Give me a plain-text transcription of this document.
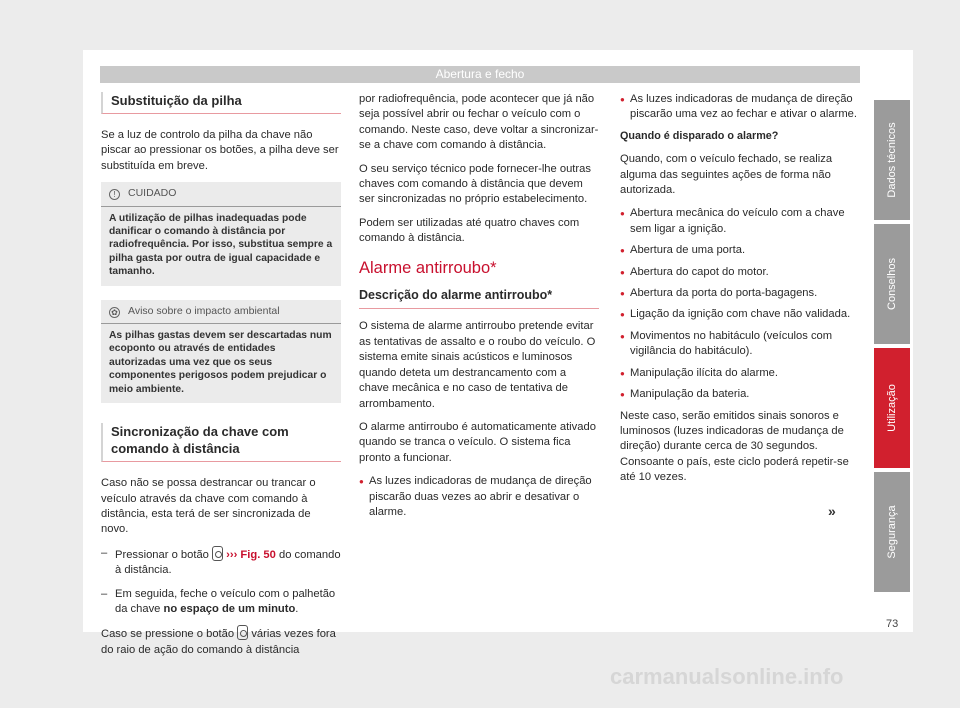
Abertura e fecho
Substituição da pilha

Se a luz de controlo da pilha da chave não piscar ao pressionar os botões, a pilha deve ser substituída em breve.

! CUIDADO
A utilização de pilhas inadequadas pode danificar o comando à distância por radiofrequência. Por isso, substitua sempre a pilha gasta por outra de igual capacidade e tamanho.
✿ Aviso sobre o impacto ambiental
As pilhas gastas devem ser descartadas num ecoponto ou através de entidades autorizadas uma vez que os seus componentes perigosos podem prejudicar o meio ambiente.
Sincronização da chave com comando à distância

Caso não se possa destrancar ou trancar o veículo através da chave com comando à distância, esta terá de ser sincronizada de novo.

– Pressionar o botão ››› Fig. 50 do comando à distância.

– Em seguida, feche o veículo com o palhetão da chave no espaço de um minuto.

Caso se pressione o botão várias vezes fora do raio de ação do comando à distância

por radiofrequência, pode acontecer que já não seja possível abrir ou fechar o veículo com o comando. Neste caso, deve voltar a sincronizar-se a chave com comando à distância.

O seu serviço técnico pode fornecer-lhe outras chaves com comando à distância que devem ser sincronizadas no próprio estabelecimento.

Podem ser utilizadas até quatro chaves com comando à distância.

Alarme antirroubo*
Descrição do alarme antirroubo*

O sistema de alarme antirroubo pretende evitar as tentativas de assalto e o roubo do veículo. O sistema emite sinais acústicos e luminosos quando deteta um destrancamento com a chave mecânica e no caso de tentativa de arrombamento.

O alarme antirroubo é automaticamente ativado quando se tranca o veículo. O sistema fica pronto a funcionar.

● As luzes indicadoras de mudança de direção piscarão duas vezes ao abrir e desativar o alarme.

● As luzes indicadoras de mudança de direção piscarão uma vez ao fechar e ativar o alarme.

Quando é disparado o alarme?

Quando, com o veículo fechado, se realiza alguma das seguintes ações de forma não autorizada.

● Abertura mecânica do veículo com a chave sem ligar a ignição.

● Abertura de uma porta.

● Abertura do capot do motor.

● Abertura da porta do porta-bagagens.

● Ligação da ignição com chave não validada.

● Movimentos no habitáculo (veículos com vigilância do habitáculo).

● Manipulação ilícita do alarme.

● Manipulação da bateria.

Neste caso, serão emitidos sinais sonoros e luminosos (luzes indicadoras de mudança de direção) durante cerca de 30 segundos. Consoante o país, este ciclo poderá repetir-se até 10 vezes.

»
Dados técnicos
Conselhos
Utilização
Segurança
73
carmanualsonline.info
